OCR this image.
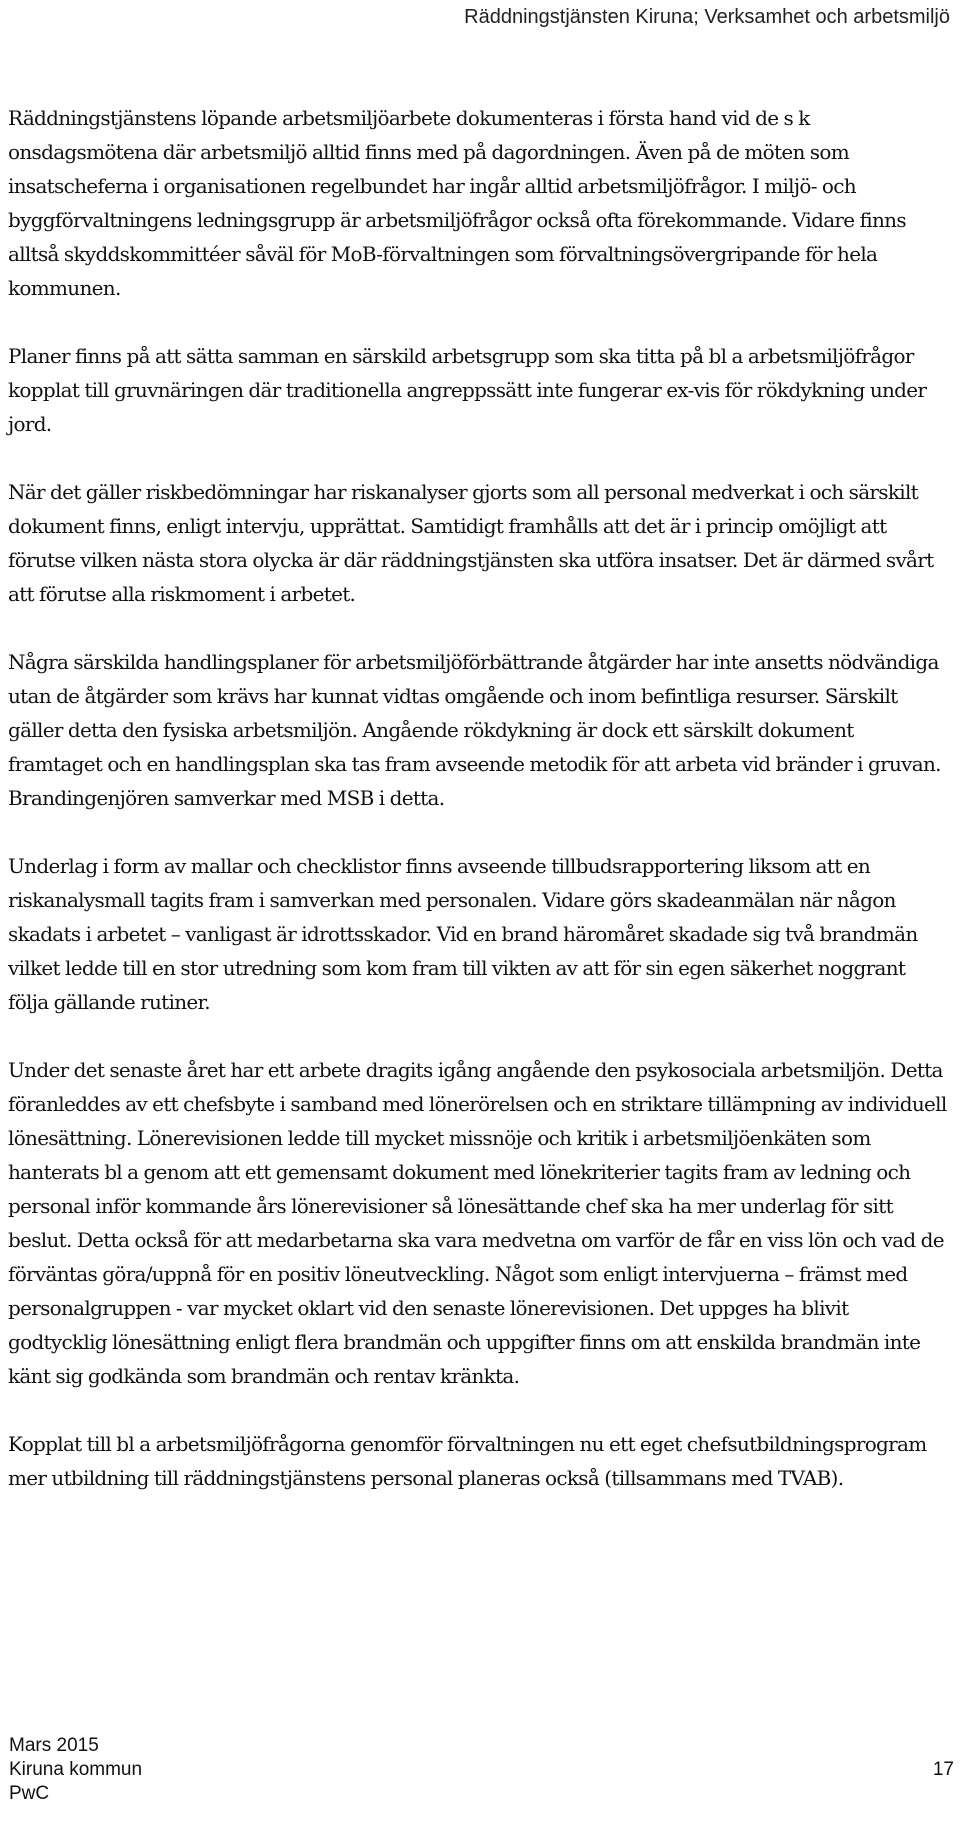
Räddningstjänsten Kiruna; Verksamhet och arbetsmiljö

Räddningstjänstens löpande arbetsmiljöarbete dokumenteras i första hand vid de s k onsdagsmötena där arbetsmiljö alltid finns med på dagordningen. Även på de möten som insatscheferna i organisationen regelbundet har ingår alltid arbetsmiljöfrågor. I miljö- och byggförvaltningens ledningsgrupp är arbetsmiljöfrågor också ofta förekommande. Vidare finns alltså skyddskommittéer såväl för MoB-förvaltningen som förvaltningsövergripande för hela kommunen.

Planer finns på att sätta samman en särskild arbetsgrupp som ska titta på bl a arbetsmiljöfrågor kopplat till gruvnäringen där traditionella angreppssätt inte fungerar ex-vis för rökdykning under jord.

När det gäller riskbedömningar har riskanalyser gjorts som all personal medverkat i och särskilt dokument finns, enligt intervju, upprättat. Samtidigt framhålls att det är i princip omöjligt att förutse vilken nästa stora olycka är där räddningstjänsten ska utföra insatser. Det är därmed svårt att förutse alla riskmoment i arbetet.

Några särskilda handlingsplaner för arbetsmiljöförbättrande åtgärder har inte ansetts nödvändiga utan de åtgärder som krävs har kunnat vidtas omgående och inom befintliga resurser. Särskilt gäller detta den fysiska arbetsmiljön. Angående rökdykning är dock ett särskilt dokument framtaget och en handlingsplan ska tas fram avseende metodik för att arbeta vid bränder i gruvan. Brandingenjören samverkar med MSB i detta.

Underlag i form av mallar och checklistor finns avseende tillbudsrapportering liksom att en riskanalysmall tagits fram i samverkan med personalen. Vidare görs skadeanmälan när någon skadats i arbetet – vanligast är idrottsskador. Vid en brand häromåret skadade sig två brandmän vilket ledde till en stor utredning som kom fram till vikten av att för sin egen säkerhet noggrant följa gällande rutiner.

Under det senaste året har ett arbete dragits igång angående den psykosociala arbetsmiljön. Detta föranleddes av ett chefsbyte i samband med lönerörelsen och en striktare tillämpning av individuell lönesättning. Lönerevisionen ledde till mycket missnöje och kritik i arbetsmiljöenkäten som hanterats bl a genom att ett gemensamt dokument med lönekriterier tagits fram av ledning och personal inför kommande års lönerevisioner så lönesättande chef ska ha mer underlag för sitt beslut. Detta också för att medarbetarna ska vara medvetna om varför de får en viss lön och vad de förväntas göra/uppnå för en positiv löneutveckling. Något som enligt intervjuerna – främst med personalgruppen - var mycket oklart vid den senaste lönerevisionen. Det uppges ha blivit godtycklig lönesättning enligt flera brandmän och uppgifter finns om att enskilda brandmän inte känt sig godkända som brandmän och rentav kränkta.

Kopplat till bl a arbetsmiljöfrågorna genomför förvaltningen nu ett eget chefsutbildningsprogram mer utbildning till räddningstjänstens personal planeras också (tillsammans med TVAB).

Mars 2015
Kiruna kommun
PwC
17
